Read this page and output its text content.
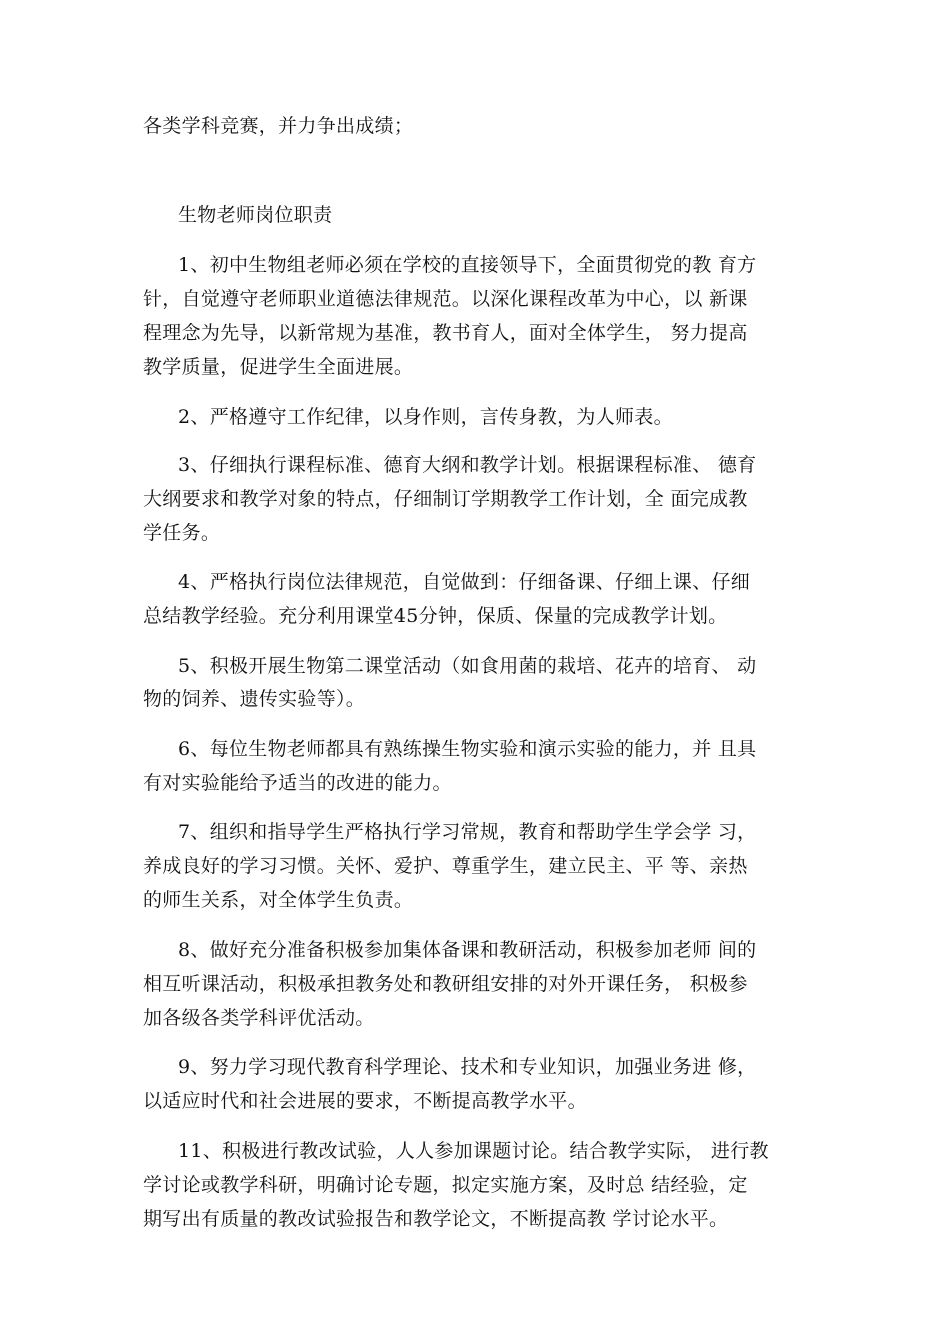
各类学科竞赛，并力争出成绩；
生物老师岗位职责
1、初中生物组老师必须在学校的直接领导下，全面贯彻党的教 育方
针，自觉遵守老师职业道德法律规范。以深化课程改革为中心，以 新课
程理念为先导，以新常规为基准，教书育人，面对全体学生， 努力提高
教学质量，促进学生全面进展。
2、严格遵守工作纪律，以身作则，言传身教，为人师表。
3、仔细执行课程标准、德育大纲和教学计划。根据课程标准、 德育
大纲要求和教学对象的特点，仔细制订学期教学工作计划，全 面完成教
学任务。
4、严格执行岗位法律规范，自觉做到：仔细备课、仔细上课、仔细
总结教学经验。充分利用课堂45分钟，保质、保量的完成教学计划。
5、积极开展生物第二课堂活动（如食用菌的栽培、花卉的培育、 动
物的饲养、遗传实验等）。
6、每位生物老师都具有熟练操生物实验和演示实验的能力，并 且具
有对实验能给予适当的改进的能力。
7、组织和指导学生严格执行学习常规，教育和帮助学生学会学 习，
养成良好的学习习惯。关怀、爱护、尊重学生，建立民主、平 等、亲热
的师生关系，对全体学生负责。
8、做好充分准备积极参加集体备课和教研活动，积极参加老师 间的
相互听课活动，积极承担教务处和教研组安排的对外开课任务， 积极参
加各级各类学科评优活动。
9、努力学习现代教育科学理论、技术和专业知识，加强业务进 修，
以适应时代和社会进展的要求，不断提高教学水平。
11、积极进行教改试验，人人参加课题讨论。结合教学实际， 进行教
学讨论或教学科研，明确讨论专题，拟定实施方案，及时总 结经验，定
期写出有质量的教改试验报告和教学论文，不断提高教 学讨论水平。
